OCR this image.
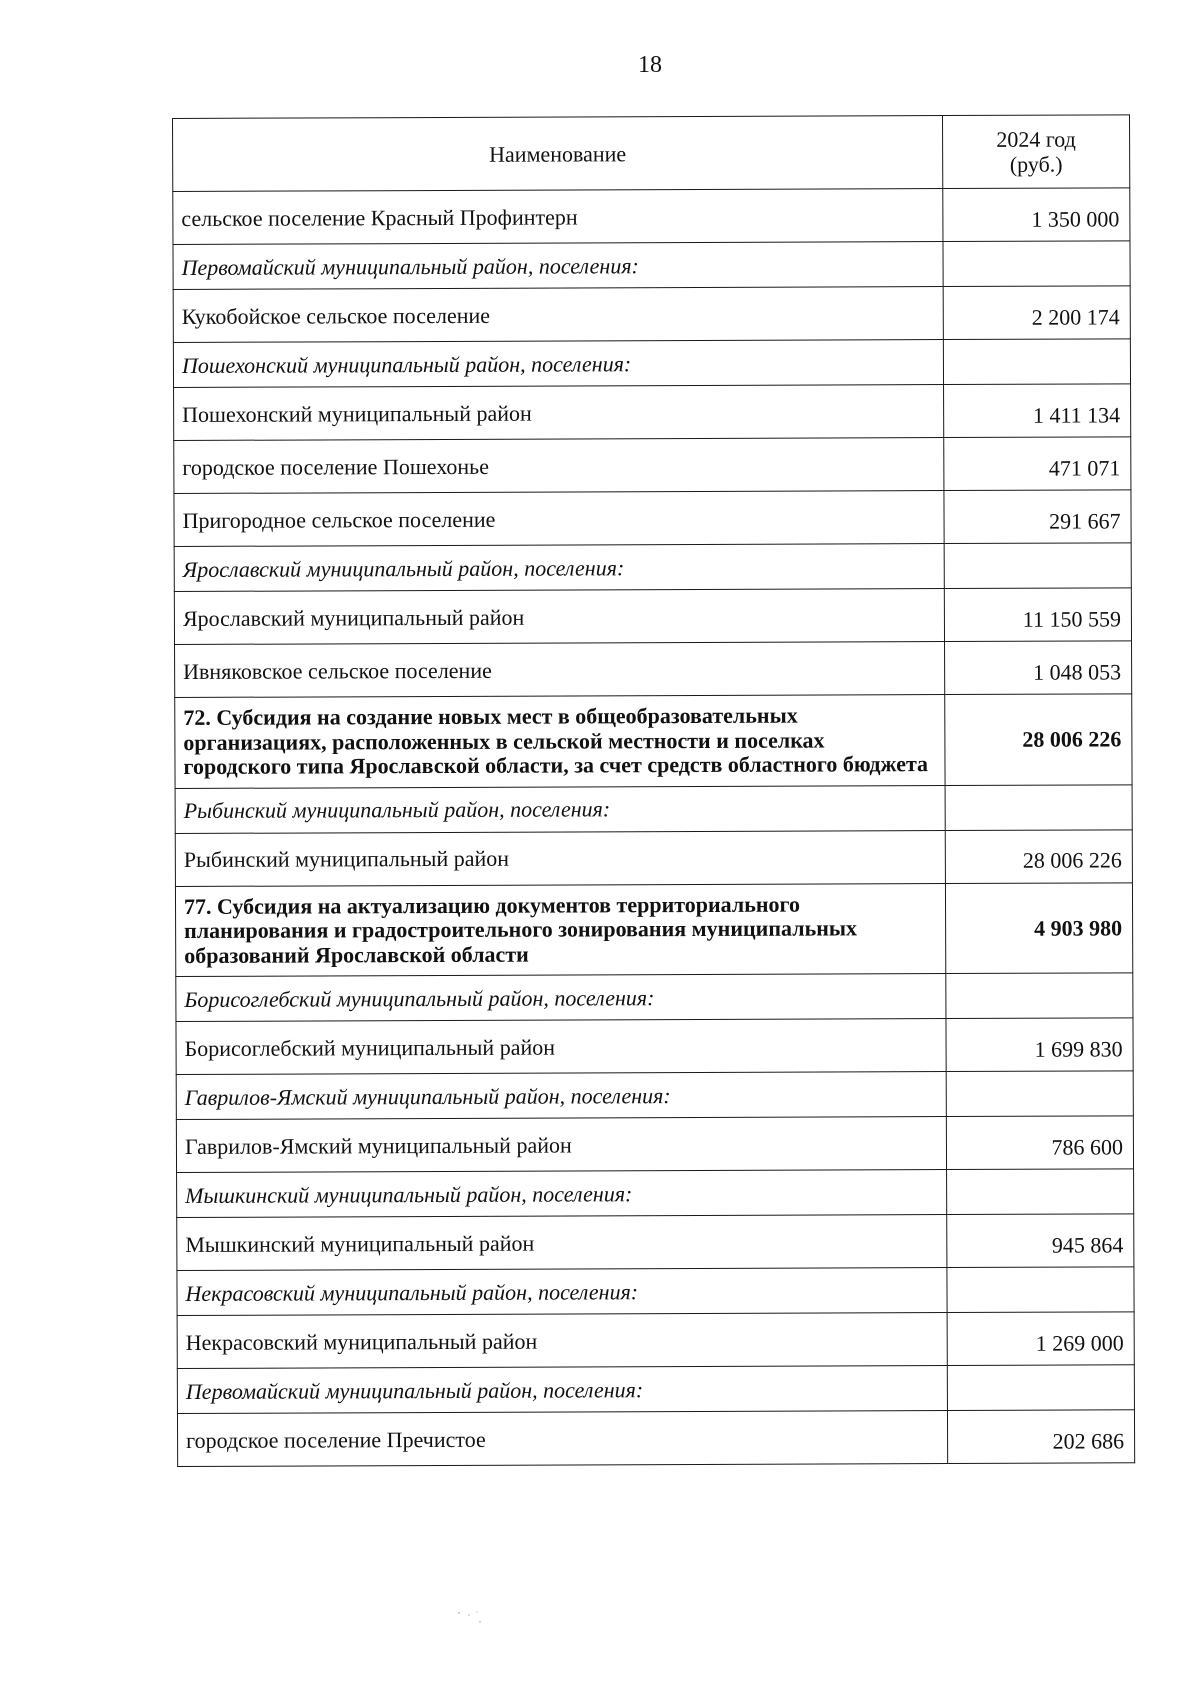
18
Наименование	2024 год
(руб.)
сельское поселение Красный Профинтерн	1 350 000
Первомайский муниципальный район, поселения:	
Кукобойское сельское поселение	2 200 174
Пошехонский муниципальный район, поселения:	
Пошехонский муниципальный район	1 411 134
городское поселение Пошехонье	471 071
Пригородное сельское поселение	291 667
Ярославский муниципальный район, поселения:	
Ярославский муниципальный район	11 150 559
Ивняковское сельское поселение	1 048 053
72. Субсидия на создание новых мест в общеобразовательных организациях, расположенных в сельской местности и поселках городского типа Ярославской области, за счет средств областного бюджета	28 006 226
Рыбинский муниципальный район, поселения:	
Рыбинский муниципальный район	28 006 226
77. Субсидия на актуализацию документов территориального планирования и градостроительного зонирования муниципальных образований Ярославской области	4 903 980
Борисоглебский муниципальный район, поселения:	
Борисоглебский муниципальный район	1 699 830
Гаврилов-Ямский муниципальный район, поселения:	
Гаврилов-Ямский муниципальный район	786 600
Мышкинский муниципальный район, поселения:	
Мышкинский муниципальный район	945 864
Некрасовский муниципальный район, поселения:	
Некрасовский муниципальный район	1 269 000
Первомайский муниципальный район, поселения:	
городское поселение Пречистое	202 686
